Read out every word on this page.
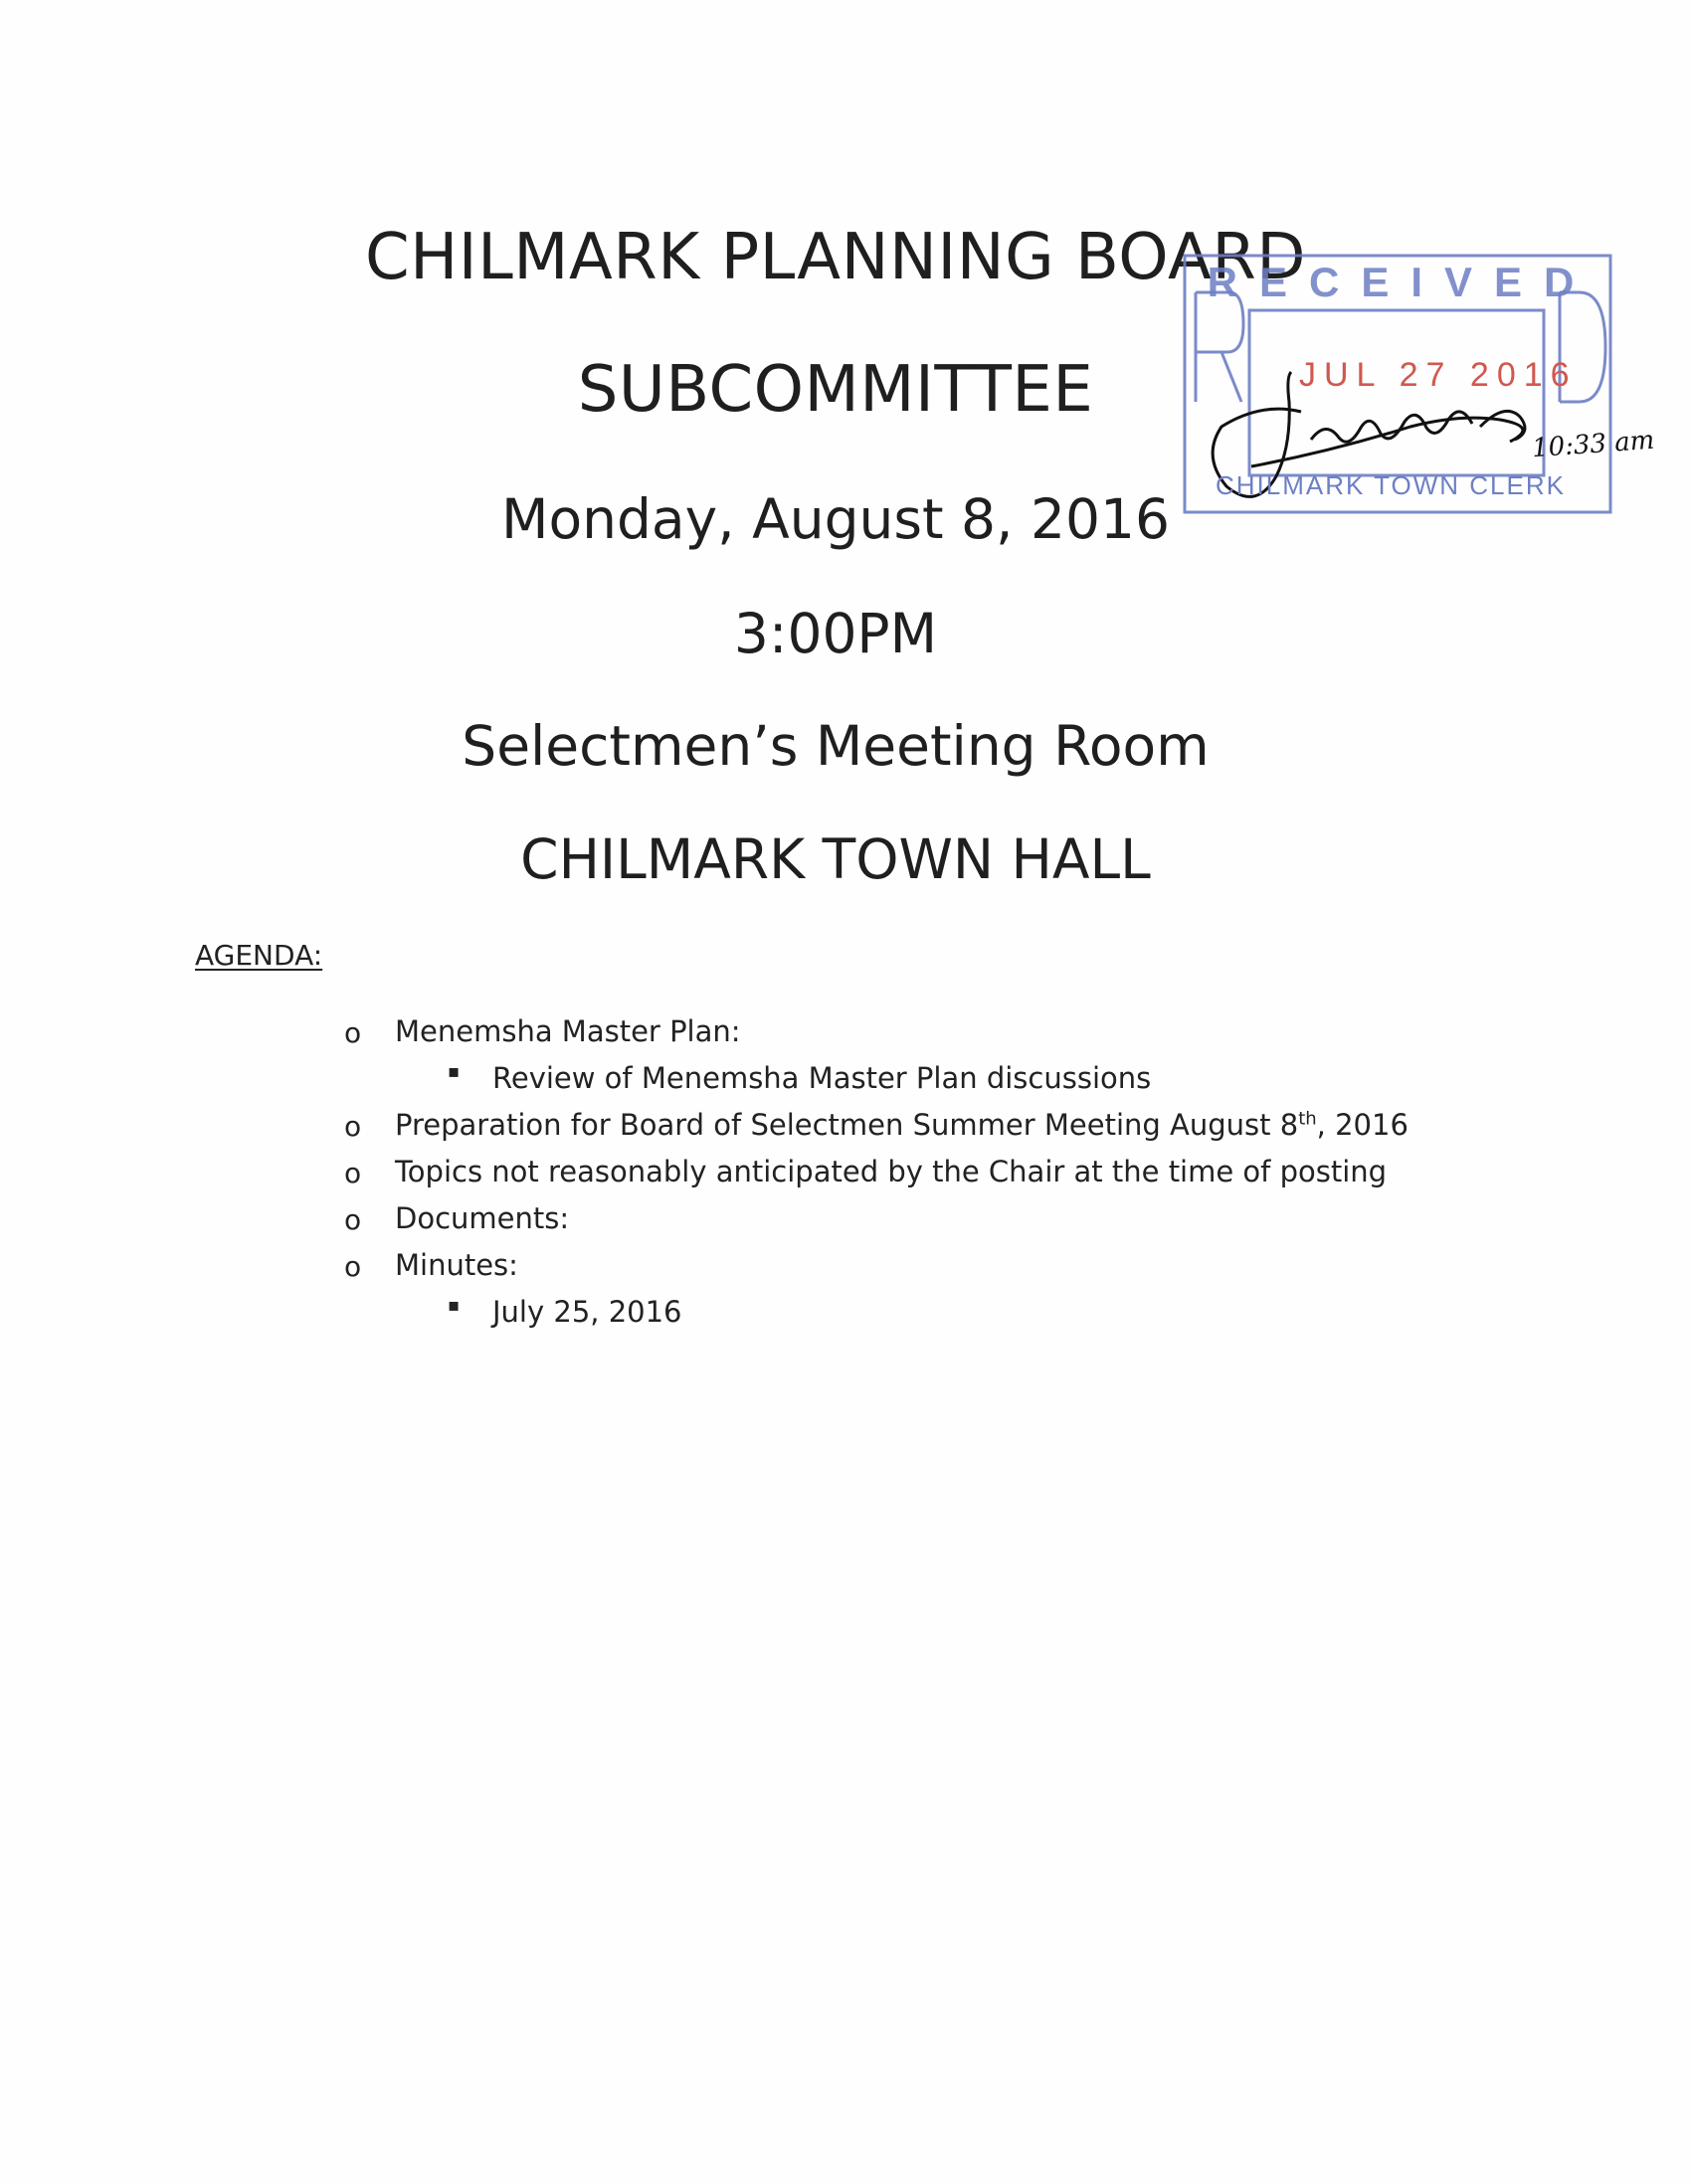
CHILMARK PLANNING BOARD
SUBCOMMITTEE
Monday, August 8, 2016
3:00PM
Selectmen’s Meeting Room
CHILMARK TOWN HALL
AGENDA:
o Menemsha Master Plan:
▪ Review of Menemsha Master Plan discussions
o Preparation for Board of Selectmen Summer Meeting August 8th, 2016
o Topics not reasonably anticipated by the Chair at the time of posting
o Documents:
o Minutes:
▪ July 25, 2016
RECEIVED
JUL 27 2016
CHILMARK TOWN CLERK
10:33 am
